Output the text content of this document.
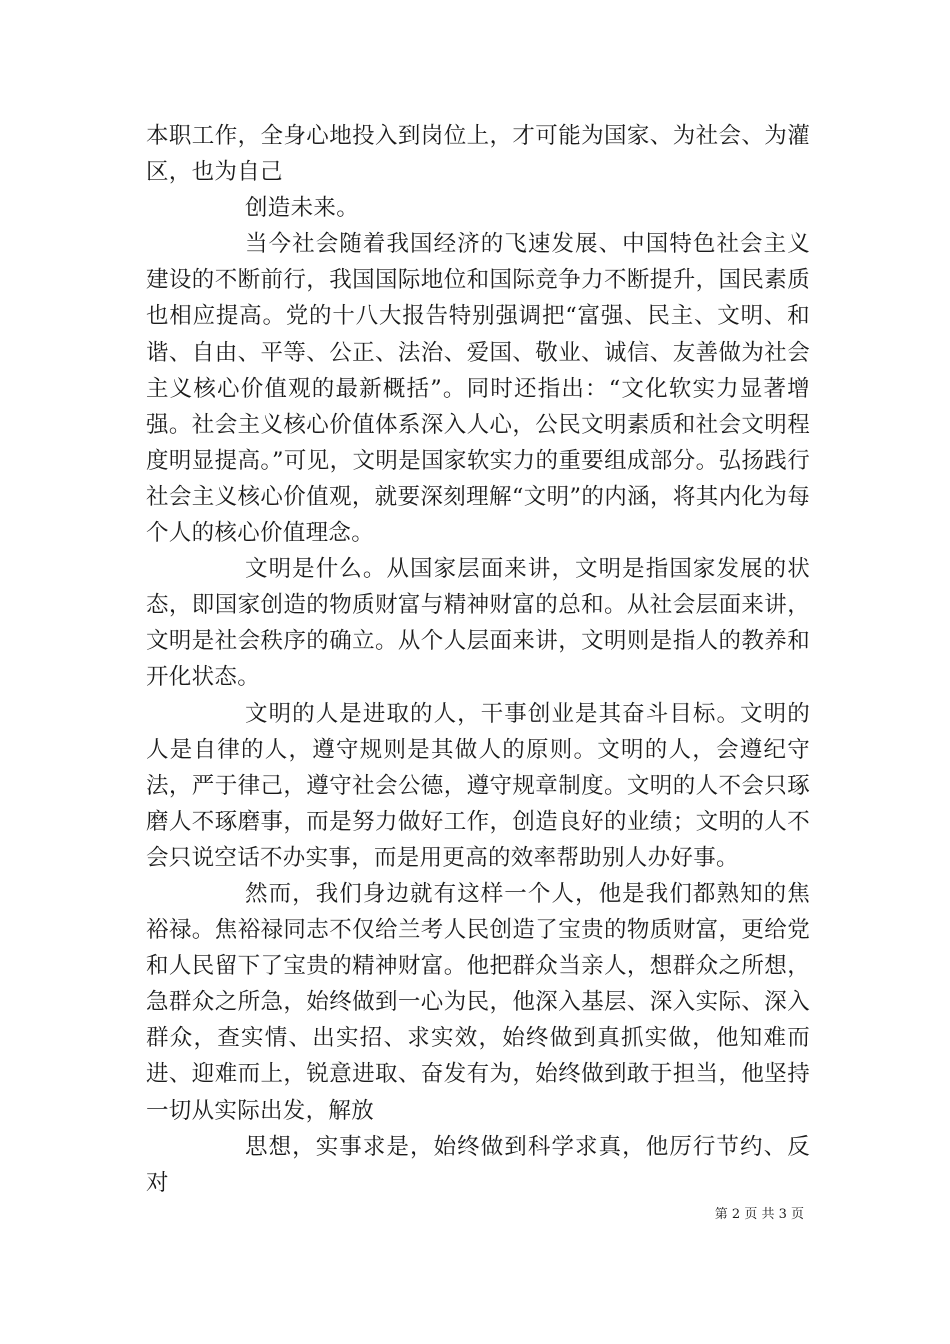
本职工作，全身心地投入到岗位上，才可能为国家、为社会、为灌区，也为自己

创造未来。

当今社会随着我国经济的飞速发展、中国特色社会主义建设的不断前行，我国国际地位和国际竞争力不断提升，国民素质也相应提高。党的十八大报告特别强调把“富强、民主、文明、和谐、自由、平等、公正、法治、爱国、敬业、诚信、友善做为社会主义核心价值观的最新概括”。同时还指出：“文化软实力显著增强。社会主义核心价值体系深入人心，公民文明素质和社会文明程度明显提高。”可见，文明是国家软实力的重要组成部分。弘扬践行社会主义核心价值观，就要深刻理解“文明”的内涵，将其内化为每个人的核心价值理念。

文明是什么。从国家层面来讲，文明是指国家发展的状态，即国家创造的物质财富与精神财富的总和。从社会层面来讲，文明是社会秩序的确立。从个人层面来讲，文明则是指人的教养和开化状态。

文明的人是进取的人，干事创业是其奋斗目标。文明的人是自律的人，遵守规则是其做人的原则。文明的人，会遵纪守法，严于律己，遵守社会公德，遵守规章制度。文明的人不会只琢磨人不琢磨事，而是努力做好工作，创造良好的业绩；文明的人不会只说空话不办实事，而是用更高的效率帮助别人办好事。

然而，我们身边就有这样一个人，他是我们都熟知的焦裕禄。焦裕禄同志不仅给兰考人民创造了宝贵的物质财富，更给党和人民留下了宝贵的精神财富。他把群众当亲人，想群众之所想，急群众之所急，始终做到一心为民，他深入基层、深入实际、深入群众，查实情、出实招、求实效，始终做到真抓实做，他知难而进、迎难而上，锐意进取、奋发有为，始终做到敢于担当，他坚持一切从实际出发，解放

思想，实事求是，始终做到科学求真，他厉行节约、反对

第 2 页 共 3 页
